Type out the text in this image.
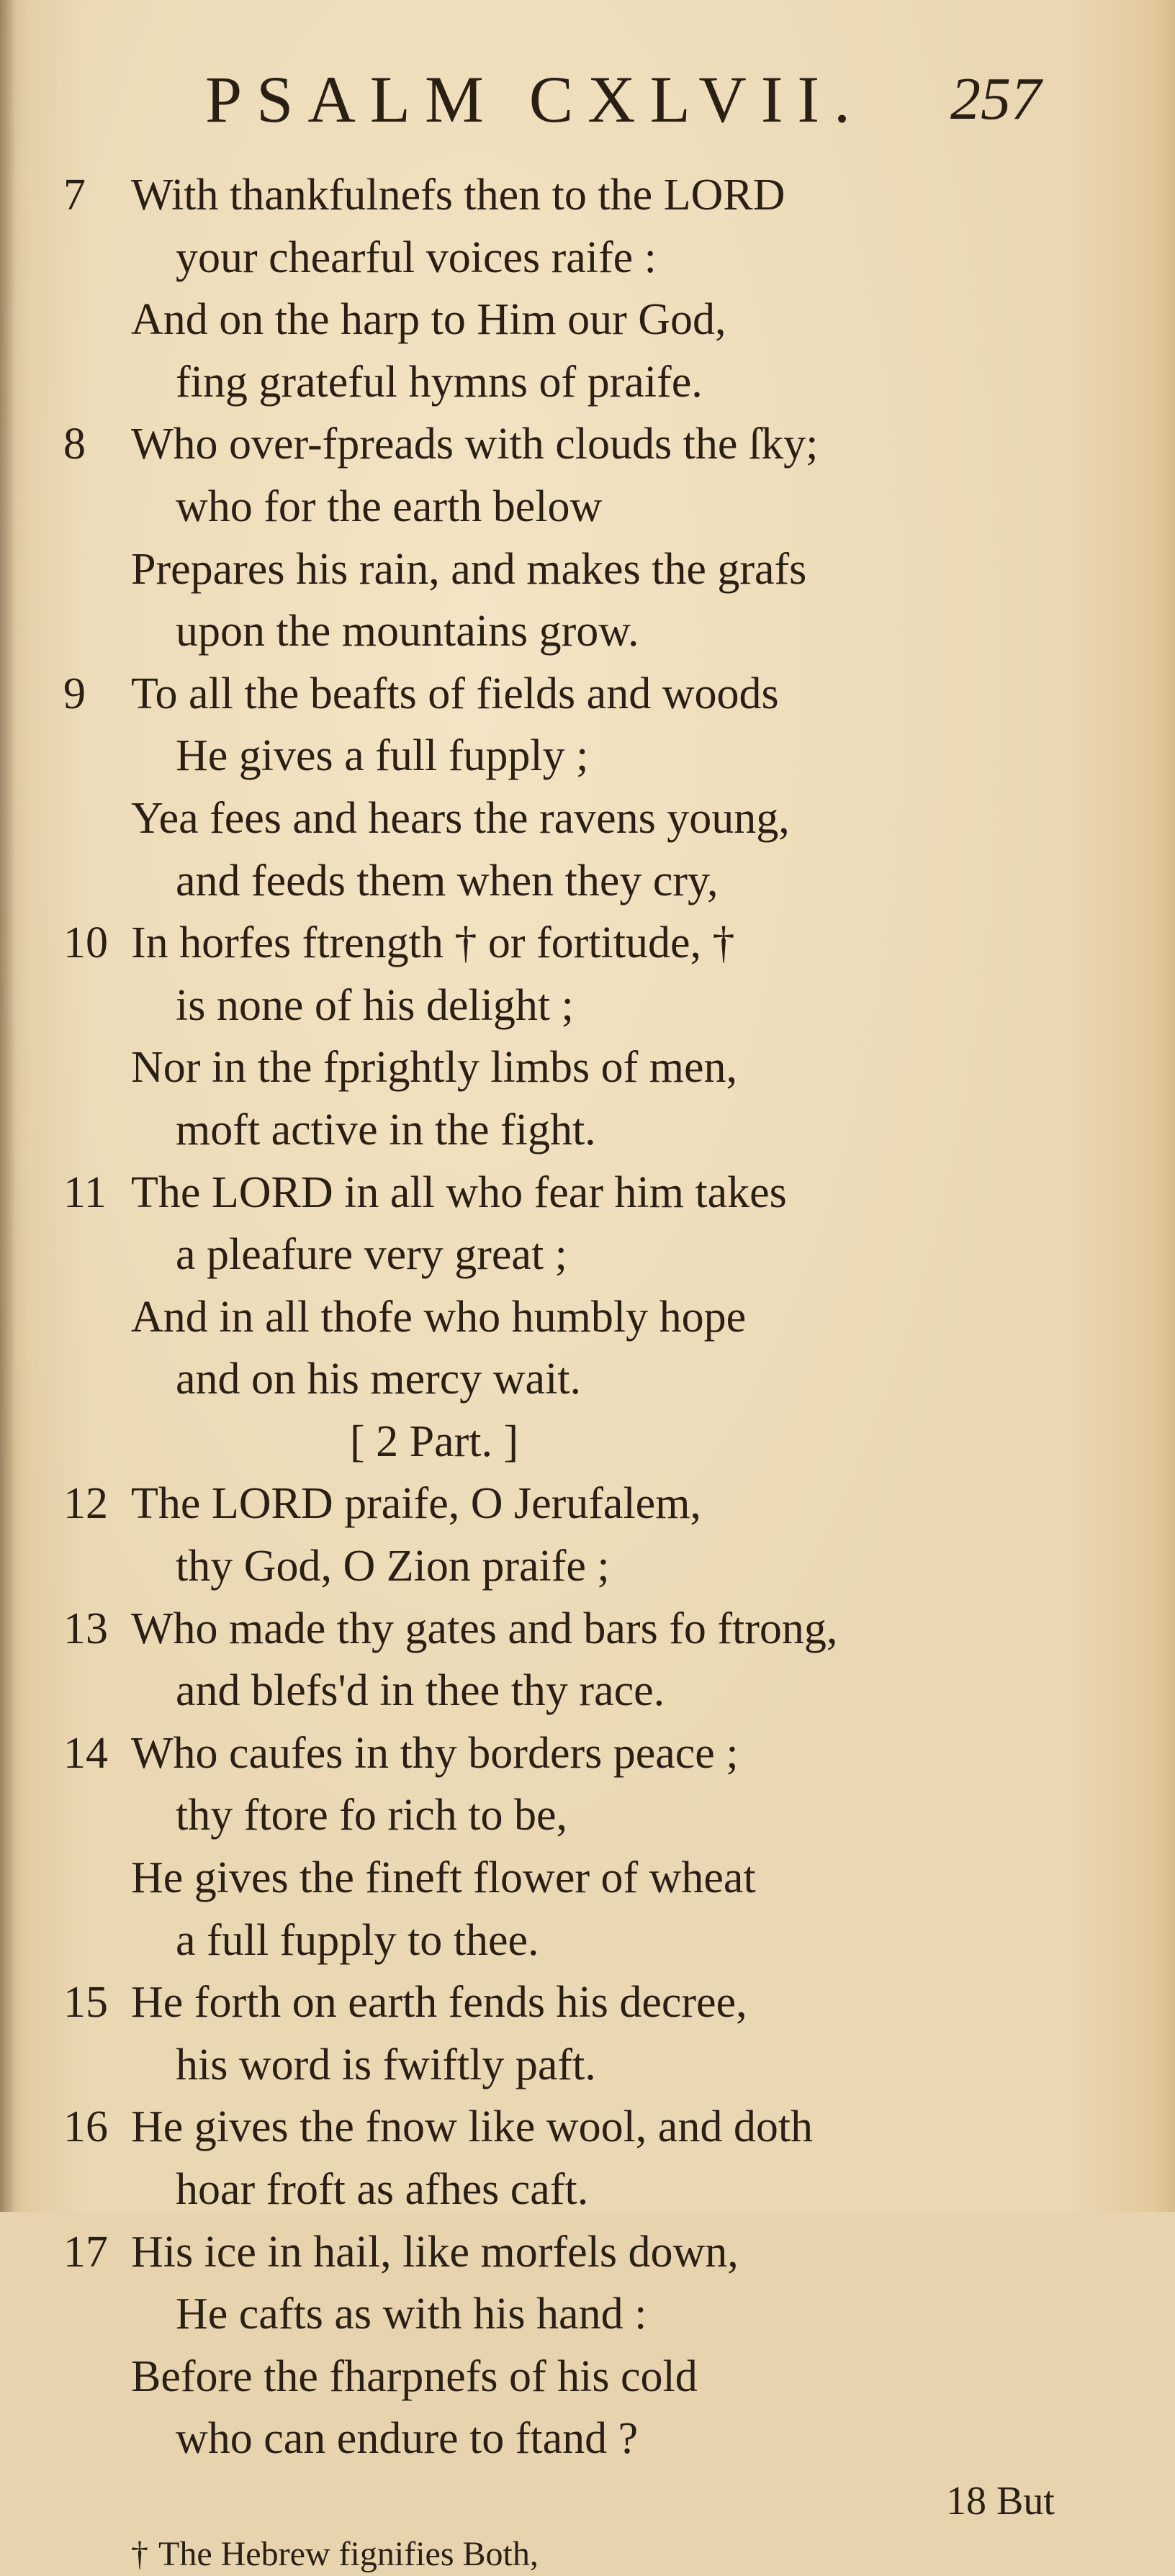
PSALM CXLVII. 257
7	With thankfulnefs then to the LORD
your chearful voices raife :
And on the harp to Him our God,
fing grateful hymns of praife.
8	Who over-fpreads with clouds the ſky;
who for the earth below
Prepares his rain, and makes the grafs
upon the mountains grow.
9	To all the beafts of fields and woods
He gives a full fupply ;
Yea fees and hears the ravens young,
and feeds them when they cry,
10 In horfes ftrength † or fortitude, †
is none of his delight ;
Nor in the fprightly limbs of men,
moft active in the fight.
11 The LORD in all who fear him takes
a pleafure very great ;
And in all thofe who humbly hope
and on his mercy wait.
[ 2 Part. ]
12 The LORD praife, O Jerufalem,
thy God, O Zion praife ;
13 Who made thy gates and bars fo ftrong,
and blefs'd in thee thy race.
14 Who caufes in thy borders peace ;
thy ftore fo rich to be,
He gives the fineft flower of wheat
a full fupply to thee.
15 He forth on earth fends his decree,
his word is fwiftly paft.
16 He gives the fnow like wool, and doth
hoar froft as afhes caft.
17 His ice in hail, like morfels down,
He cafts as with his hand :
Before the fharpnefs of his cold
who can endure to ftand ?
18 But
† The Hebrew fignifies Both,
